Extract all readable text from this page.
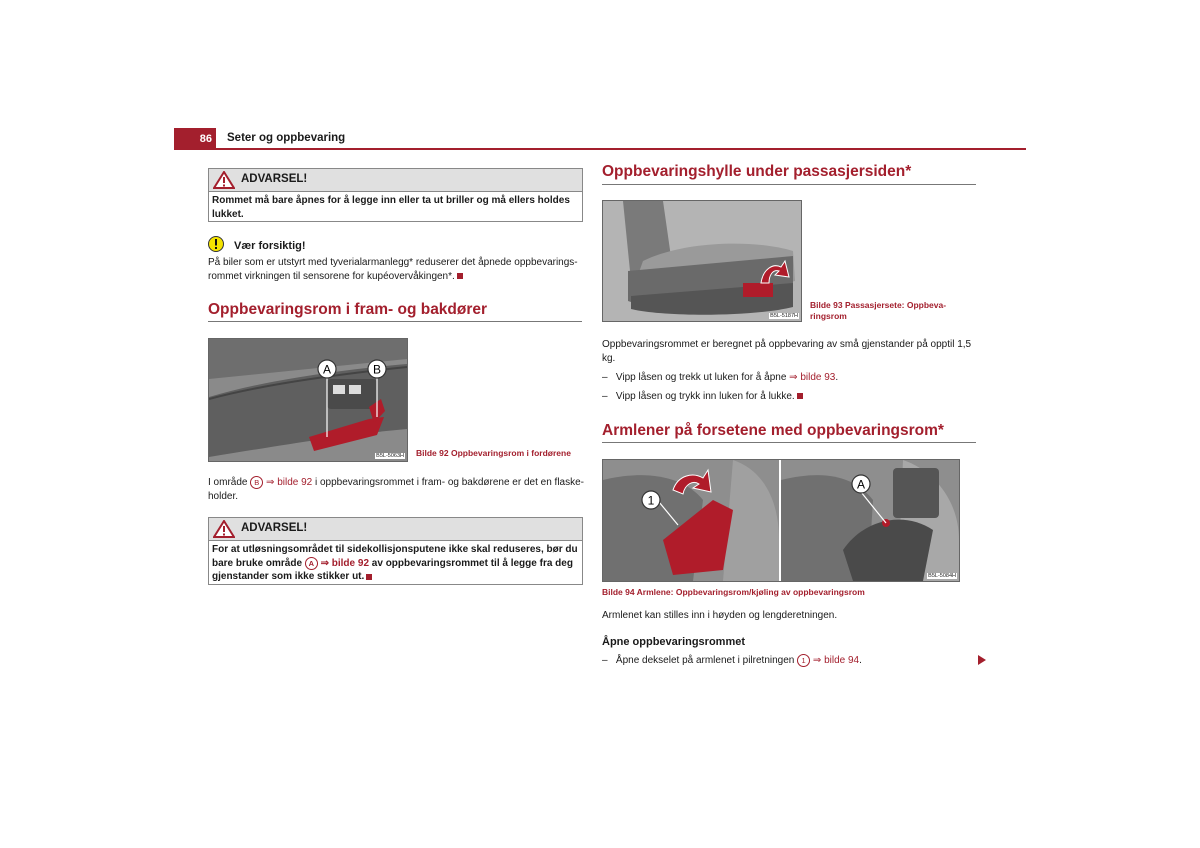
86	Seter og oppbevaring
ADVARSEL!
Rommet må bare åpnes for å legge inn eller ta ut briller og må ellers holdes lukket.
Vær forsiktig!
På biler som er utstyrt med tyverialarmanlegg* reduserer det åpnede oppbevarings-
rommet virkningen til sensorene for kupéovervåkingen*.
Oppbevaringsrom i fram- og bakdører
A	B
B5L-5063H Bilde 92 Oppbevaringsrom i fordørene
I område B ⇒ bilde 92 i oppbevaringsrommet i fram- og bakdørene er det en flaske-
holder.
ADVARSEL!
For at utløsningsområdet til sidekollisjonsputene ikke skal reduseres, bør du
bare bruke område A ⇒ bilde 92 av oppbevaringsrommet til å legge fra deg
gjenstander som ikke stikker ut.
Oppbevaringshylle under passasjersiden*
B5L-5187H
Bilde 93 Passasjersete: Oppbeva-
ringsrom
Oppbevaringsrommet er beregnet på oppbevaring av små gjenstander på opptil 1,5 kg.
– Vipp låsen og trekk ut luken for å åpne ⇒ bilde 93.
– Vipp låsen og trykk inn luken for å lukke.
Armlener på forsetene med oppbevaringsrom*
1
A
B5L-5084H
Bilde 94 Armlene: Oppbevaringsrom/kjøling av oppbevaringsrom
Armlenet kan stilles inn i høyden og lengderetningen.
Åpne oppbevaringsrommet
– Åpne dekselet på armlenet i pilretningen 1 ⇒ bilde 94.
